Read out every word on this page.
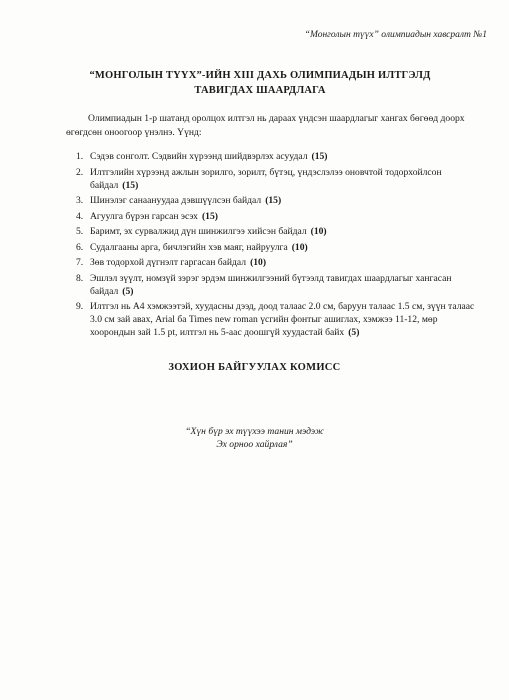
“Монголын түүх” олимпиадын хавсралт №1
“МОНГОЛЫН ТҮҮХ”-ИЙН XIII ДАХЬ ОЛИМПИАДЫН ИЛТГЭЛД
ТАВИГДАХ ШААРДЛАГА
Олимпиадын 1-р шатанд оролцох илтгэл нь дараах үндсэн шаардлагыг хангах бөгөөд доорх өгөгдсөн оноогоор үнэлнэ. Үүнд:
1. Сэдэв сонголт. Сэдвийн хүрээнд шийдвэрлэх асуудал (15)
2. Илтгэлийн хүрээнд ажлын зорилго, зорилт, бүтэц, үндэслэлээ оновчтой тодорхойлсон байдал (15)
3. Шинэлэг санаануудаа дэвшүүлсэн байдал (15)
4. Агуулга бүрэн гарсан эсэх (15)
5. Баримт, эх сурвалжид дүн шинжилгээ хийсэн байдал (10)
6. Судалгааны арга, бичлэгийн хэв маяг, найруулга (10)
7. Зөв тодорхой дүгнэлт гаргасан байдал (10)
8. Эшлэл зүүлт, номзүй зэрэг эрдэм шинжилгээний бүтээлд тавигдах шаардлагыг хангасан байдал (5)
9. Илтгэл нь А4 хэмжээтэй, хуудасны дээд, доод талаас 2.0 см, баруун талаас 1.5 см, зүүн талаас 3.0 см зай авах, Arial ба Times new roman үсгийн фонтыг ашиглах, хэмжээ 11-12, мөр хоорондын зай 1.5 pt, илтгэл нь 5-аас доошгүй хуудастай байх (5)
ЗОХИОН БАЙГУУЛАХ КОМИСС
“Хүн бүр эх түүхээ танин мэдэж
Эх орноо хайрлая”
